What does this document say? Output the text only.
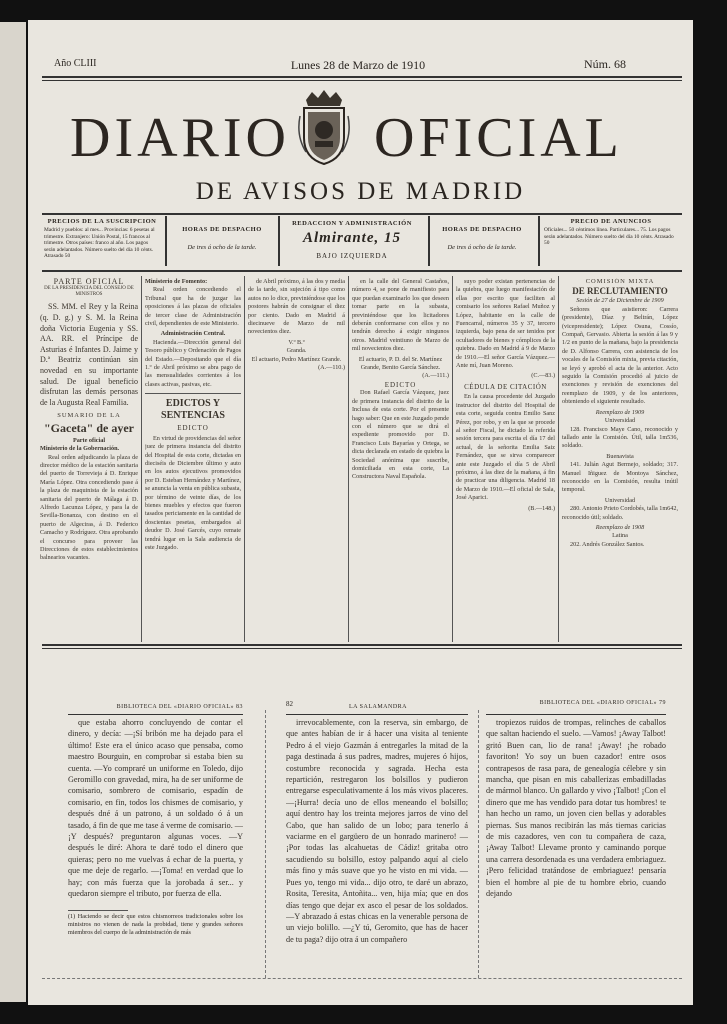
Año CLIII	Lunes 28 de Marzo de 1910	Núm. 68
DIARIO OFICIAL
DE AVISOS DE MADRID
PRECIOS DE LA SUSCRIPCION
Madrid y pueblos: al mes... Provincias: 6 pesetas al trimestre. Extranjero: Unión Postal, 15 francos al trimestre. Otros países: franco al año. Los pagos serán adelantados. Número suelto del día 10 cénts. Atrasado 50
HORAS DE DESPACHO
De tres á ocho de la tarde.
REDACCION Y ADMINISTRACIÓN
Almirante, 15
BAJO IZQUIERDA
HORAS DE DESPACHO
De tres á ocho de la tarde.
PRECIO DE ANUNCIOS
Oficiales... 50 céntimos línea. Particulares... 75. Los pagos serán adelantados. Número suelto del día 10 cénts. Atrasado 50
PARTE OFICIAL
DE LA PRESIDENCIA DEL CONSEJO DE MINISTROS

SS. MM. el Rey y la Reina (q. D. g.) y S. M. la Reina doña Victoria Eugenia y SS. AA. RR. el Príncipe de Asturias é Infantes D. Jaime y D.ª Beatriz continúan sin novedad en su importante salud. De igual beneficio disfrutan las demás personas de la Augusta Real Familia.

SUMARIO DE LA
"Gaceta" de ayer
Parte oficial
Ministerio de la Gobernación.

Real orden adjudicando la plaza de director médico de la estación sanitaria del puerto de Torrevieja á D. Enrique María López. Otra concediendo pase á la plaza de maquinista de la estación sanitaria del puerto de Málaga á D. Alfredo Lacunza López, y para la de Sevilla-Bonanza, con destino en el puerto de Algeciras, á D. Federico Camacho y Rodríguez. Otra aprobando el concurso para proveer las Direcciones de estos establecimientos balnearios vacantes.

Ministerio de Fomento:

Real orden concediendo el Tribunal que ha de juzgar las oposiciones á las plazas de oficiales de tercer clase de Administración civil, dependientes de este Ministerio.

Administración Central.

Hacienda.—Dirección general del Tesoro público y Ordenación de Pagos del Estado.—Depositando que el día 1.º de Abril próximo se abra pago de las mensualidades corrientes á los clases activas, pasivas, etc.

EDICTOS Y SENTENCIAS
EDICTO

En virtud de providencias del señor juez de primera instancia del distrito del Hospital de esta corte, dictadas en dieciséis de Diciembre último y auto en los autos ejecutivos promovidos por D. Esteban Hernández y Martínez, se anuncia la venta en pública subasta, por término de veinte días, de los bienes muebles y efectos que fueron tasados periciamente en la cantidad de doscientas pesetas, embargados al deudor D. José Garcés, cuyo remate tendrá lugar en la Sala audiencia de este Juzgado.

de Abril próximo, á las dos y media de la tarde, sin sujeción á tipo como autos no lo dice, previniéndose que los postores habrán de consignar el diez por ciento. Dado en Madrid á diecinueve de Marzo de mil novecientos diez.

V.º B.º
Granda.
El actuario, Pedro Martínez Grande.
(A.—110.)

en la calle del General Castaños, número 4, se pone de manifiesto para que puedan examinarlo los que deseen tomar parte en la subasta, previniéndose que los licitadores deberán conformarse con ellos y no tendrán derecho á exigir ningunos otros. Madrid veintiuno de Marzo de mil novecientos diez.

El actuario, P. D. del Sr. Martínez Grande, Benito García Sánchez.
(A.—111.)
EDICTO

Don Rafael García Vázquez, juez de primera instancia del distrito de la Inclusa de esta corte. Por el presente hago saber: Que en este Juzgado pende con el número que se dirá el expediente promovido por D. Francisco Luis Bayarías y Ortega, se dicta declarada en estado de quiebra la Sociedad anónima que suscribe, domiciliada en esta corte, La Constructora Naval Española.

suyo poder existan pertenencias de la quiebra, que luego manifestación de ellas por escrito que faciliten al comisario los señores Rafael Muñoz y López, habitante en la calle de Fuencarral, números 35 y 37, tercero izquierda, bajo pena de ser tenidos por ocultadores de bienes y cómplices de la quiebra. Dado en Madrid á 9 de Marzo de 1910.—El señor García Vázquez.—Ante mí, Juan Moreno.

(C.—83.)
CÉDULA DE CITACIÓN

En la causa procedente del Juzgado instructor del distrito del Hospital de esta corte, seguida contra Emilio Sanz Pérez, por robo, y en la que se procede al señor Fiscal, he dictado la referida sesión tercera para escrita el día 17 del actual, de la señorita Emilia Saiz Fernández, que se sirva comparecer ante este Juzgado el día 5 de Abril próximo, á las diez de la mañana, á fin de practicar una diligencia. Madrid 18 de Marzo de 1910.—El oficial de Sala, José Aparici.

(B.—148.)
COMISIÓN MIXTA
DE RECLUTAMIENTO
Sesión de 27 de Diciembre de 1909

Señores que asistieron: Carrera (presidente), Díaz y Beltrán, López (vicepresidente); López Osuna, Cossío, Compañ, Gervasio. Abierta la sesión á las 9 y 1/2 en punto de la mañana, bajo la presidencia de D. Alfonso Carrera, con asistencia de los vocales de la Comisión mixta, previa citación, se leyó y aprobó el acta de la anterior. Acto seguido la Comisión procedió al juicio de exenciones y revisión de exenciones del reemplazo de 1909, y de los anteriores, obteniendo el siguiente resultado.

Reemplazo de 1909
Universidad

128. Francisco Maye Cano, reconocido y tallado ante la Comisión. Útil, talla 1m536, soldado.

Buenavista

141. Julián Agut Bermejo, soldado; 317. Manuel Iñiguez de Montoya Sánchez, reconocido en la Comisión, resulta inútil temporal.

Universidad

280. Antonio Prieto Cordobés, talla 1m642, reconocido útil; soldado.

Reemplazo de 1908
Latina

202. Andrés González Santos.

BIBLIOTECA DEL «DIARIO OFICIAL» 83	82	LA SALAMANDRA
BIBLIOTECA DEL «DIARIO OFICIAL» 79

que estaba ahorro concluyendo de contar el dinero, y decía: —¡Sí bribón me ha dejado para el último! Este era el único acaso que pensaba, como maestro Bourguin, en comprobar si estaba bien su cuenta. —Yo compraré un uniforme en Toledo, dijo Geromillo con gravedad, mira, ha de ser uniforme de comisario, sombrero de comisario, espadín de comisario, en fin, todos los chismes de comisario, y después dné á un patrono, á un soldado ó á un tasado, á fin de que me tase á verme de comisario. —¡Y después? preguntaron algunas voces. —Y después le diré: Ahora te daré todo el dinero que quieras; pero no me vuelvas á echar de la puerta, y que me deje de regarlo. —¡Toma! en verdad que lo hay; con más fuerza que la jorobada á ser... y quedaron siempre el tributo, por fuerza de ella.

(1) Haciendo se decir que estos chismorreos tradicionales sobre los ministros no vienen de nada la probidad, tiene y grandes señores miembros del cuerpo de la administración de más

irrevocablemente, con la reserva, sin embargo, de que antes habían de ir á hacer una visita al teniente Pedro á el viejo Gazmán á entregarles la mitad de la paga destinada á sus padres, madres, mujeres ó hijos, costumbre reconocida y sagrada. Hecha esta repartición, restregaron los bolsillos y pudieron entregarse especulativamente á los más vivos placeres. —¡Hurra! decía uno de ellos meneando el bolsillo; aquí dentro hay los treinta mejores jarros de vino del Cabo, que han salido de un lobo; para tenerlo á vaciarme en el gargüero de un honrado marinero! —¡Por todas las alcahuetas de Cádiz! gritaba otro sacudiendo su bolsillo, estoy palpando aquí al cielo más fino y más suave que yo he visto en mi vida. —Pues yo, tengo mi vida... dijo otro, te daré un abrazo, Rosita, Teresita, Antoñita... ven, hija mía; que en dos días tengo que dejar ex asco el pesar de los soldados. —Y abrazado á estas chicas en la venerable persona de un viejo bolillo. —¿Y tú, Geromito, que has de hacer de tu paga? dijo otra á un compañero

tropiezos ruidos de trompas, relinches de caballos que saltan haciendo el suelo. —Vamos! ¡Away Talbot! gritó Buen can, lio de rana! ¡Away! ¡he robado favoriton! Yo soy un buen cazador! entre osos contrapesos de rasa para, de genealogía célebre y sin mancha, que pisan en mis caballerizas embadilladas de mármol blanco. Un gallardo y vivo ¡Talbot! ¡Con el dinero que me has vendido para dotar tus hombres! te han hecho un ramo, un joven cien bellas y adorables piernas. Sus manos recibirán las más tiernas caricias de mis cazadores, ven con tu compañera de caza, ¡Away Talbot! Llevame pronto y caminando porque una carrera desordenada es una verdadera embriaguez. ¡Pero felicidad tratándose de embriaguez! pensaría bien el hombre al pie de tu hombre ebrio, cuando dejando
